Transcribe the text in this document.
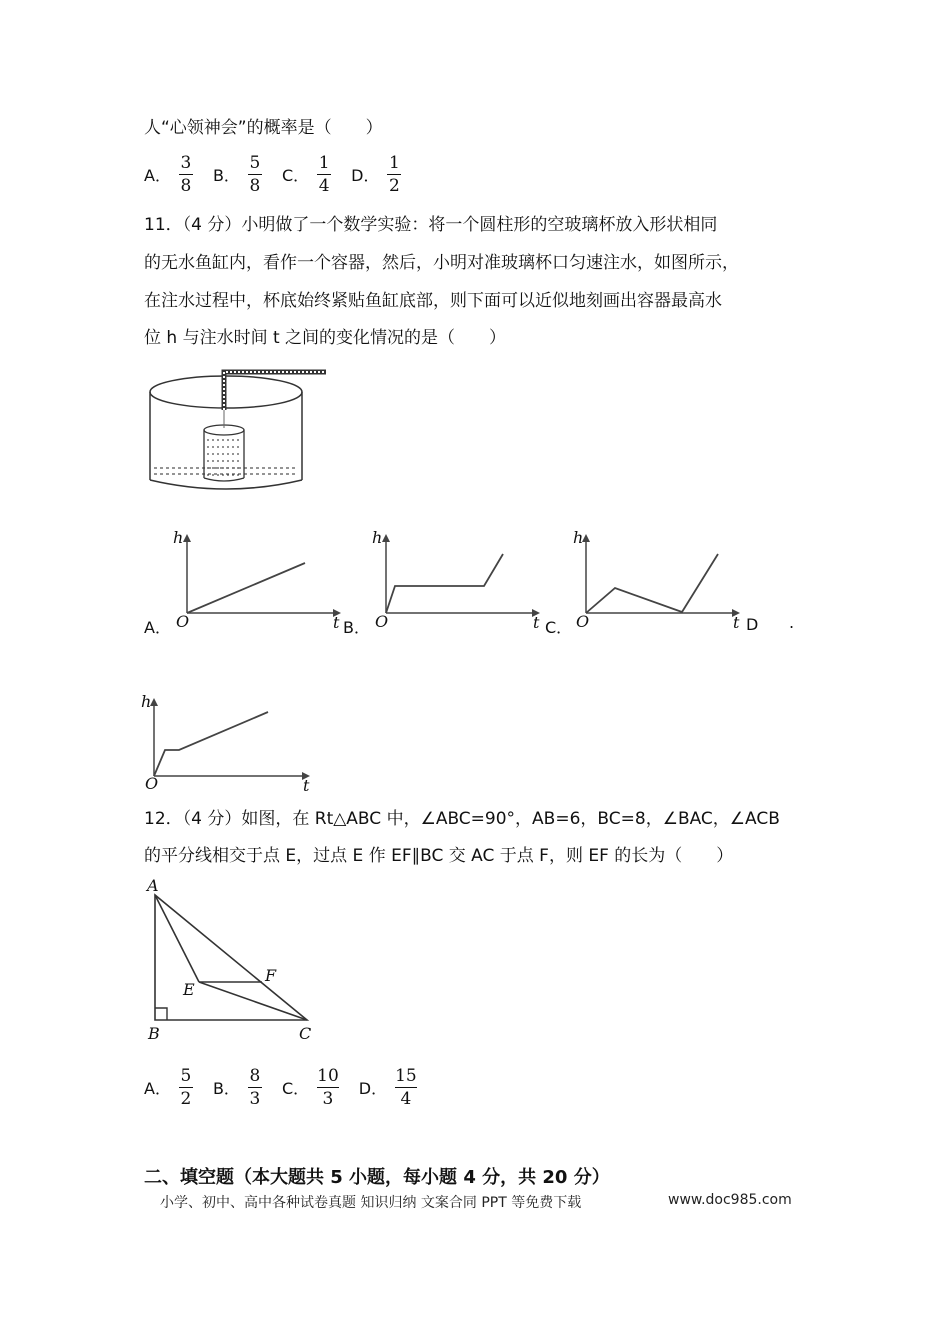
人“心领神会”的概率是（　　）
A． $\frac{3}{8}$ B． $\frac{5}{8}$ C． $\frac{1}{4}$ D． $\frac{1}{2}$
11．（4 分）小明做了一个数学实验：将一个圆柱形的空玻璃杯放入形状相同
的无水鱼缸内，看作一个容器，然后，小明对准玻璃杯口匀速注水，如图所示，
在注水过程中，杯底始终紧贴鱼缸底部，则下面可以近似地刻画出容器最高水
位 h 与注水时间 t 之间的变化情况的是（　　）
A．
h
O	t B．
h
O	t C．
h
O	t D .
h
O	t
12．（4 分）如图，在 Rt△ABC 中，∠ABC=90°，AB=6，BC=8，∠BAC，∠ACB
的平分线相交于点 E，过点 E 作 EF∥BC 交 AC 于点 F，则 EF 的长为（　　）
A
B	C
E
F
A． $\frac{5}{2}$ B． $\frac{8}{3}$ C． $\frac{10}{3}$ D． $\frac{15}{4}$
二、填空题（本大题共 5 小题，每小题 4 分，共 20 分）
小学、初中、高中各种试卷真题 知识归纳 文案合同 PPT 等免费下载	www.doc985.com
